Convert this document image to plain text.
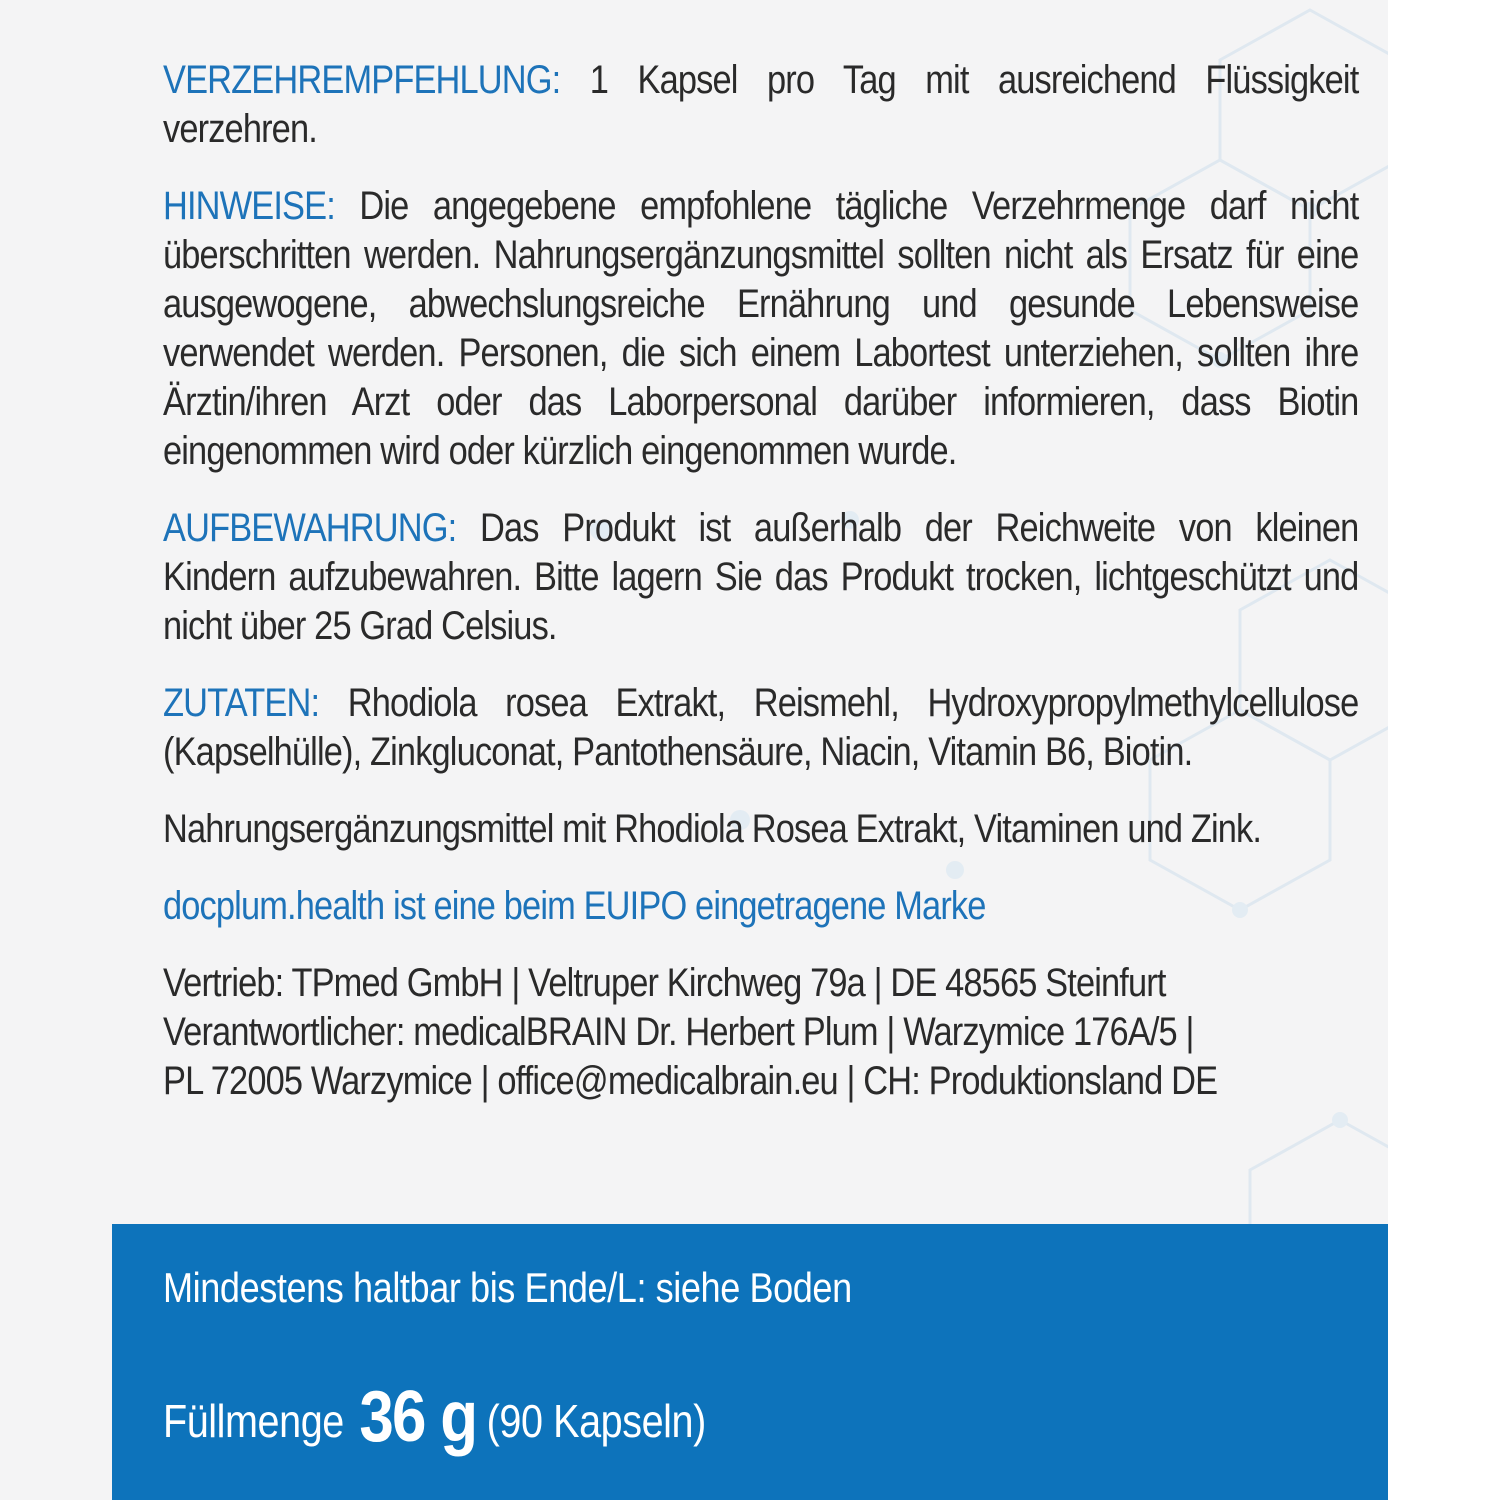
VERZEHREMPFEHLUNG: 1 Kapsel pro Tag mit ausreichend Flüssigkeit verzehren.

HINWEISE: Die angegebene empfohlene tägliche Verzehrmenge darf nicht überschritten werden. Nahrungsergänzungsmittel sollten nicht als Ersatz für eine ausgewogene, abwechslungsreiche Ernährung und gesunde Lebensweise verwendet werden. Personen, die sich einem Labortest unterziehen, sollten ihre Ärztin/ihren Arzt oder das Laborpersonal darüber informieren, dass Biotin eingenommen wird oder kürzlich eingenommen wurde.

AUFBEWAHRUNG: Das Produkt ist außerhalb der Reichweite von kleinen Kindern aufzubewahren. Bitte lagern Sie das Produkt trocken, lichtgeschützt und nicht über 25 Grad Celsius.

ZUTATEN: Rhodiola rosea Extrakt, Reismehl, Hydroxypropylmethylcellulose (Kapselhülle), Zinkgluconat, Pantothensäure, Niacin, Vitamin B6, Biotin.

Nahrungsergänzungsmittel mit Rhodiola Rosea Extrakt, Vitaminen und Zink.

docplum.health ist eine beim EUIPO eingetragene Marke

Vertrieb: TPmed GmbH | Veltruper Kirchweg 79a | DE 48565 Steinfurt
Verantwortlicher: medicalBRAIN Dr. Herbert Plum | Warzymice 176A/5 |
PL 72005 Warzymice | office@medicalbrain.eu | CH: Produktionsland DE

Mindestens haltbar bis Ende/L: siehe Boden
Füllmenge 36 g (90 Kapseln)
